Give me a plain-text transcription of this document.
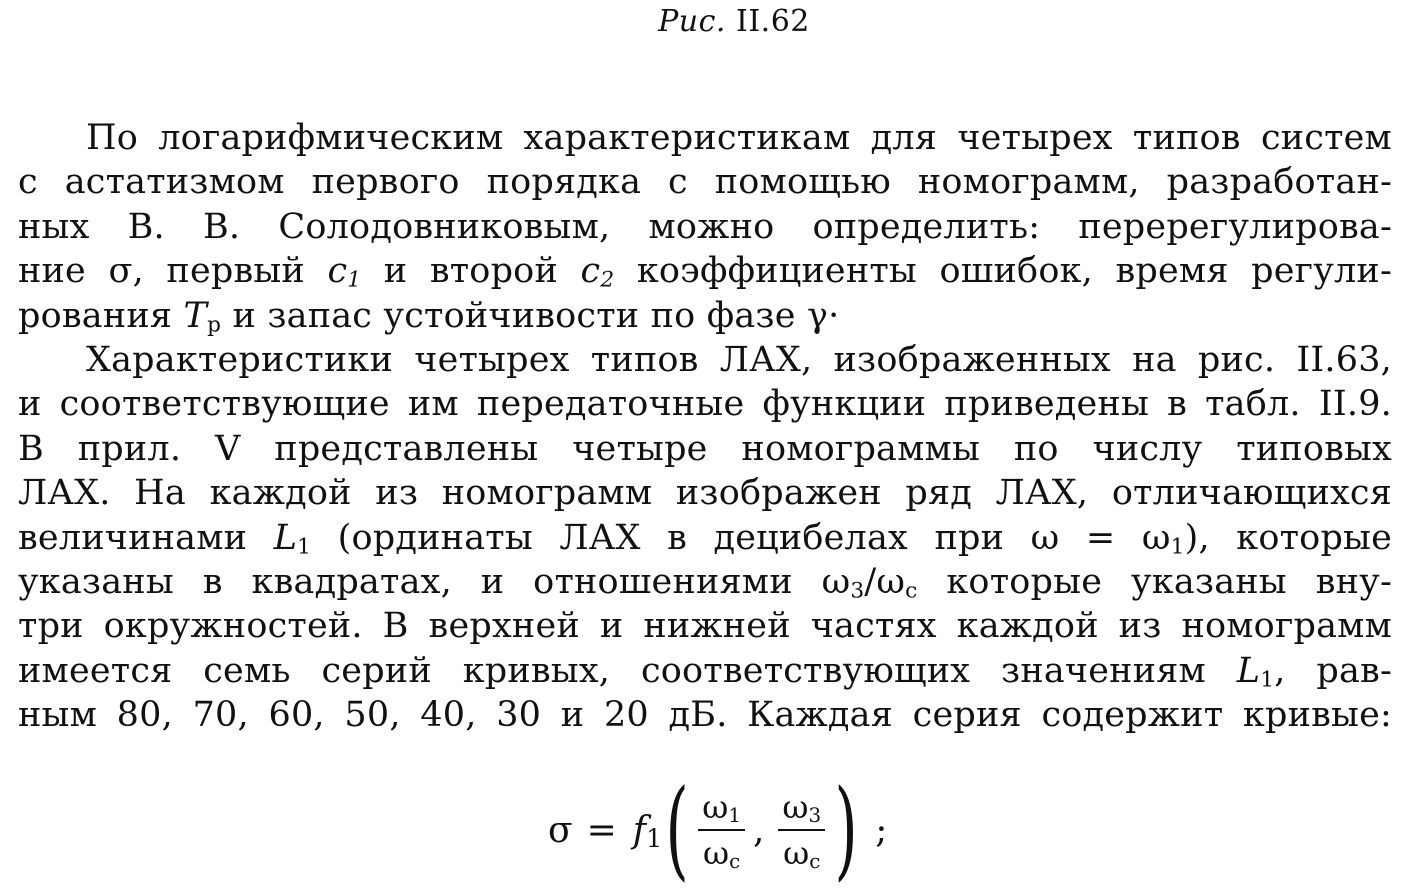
Рис. II.62
По логарифмическим характеристикам для четырех типов систем
с астатизмом первого порядка с помощью номограмм, разработан-
ных В. В. Солодовниковым, можно определить: перерегулирова-
ние σ, первый $c_1$ и второй $c_2$ коэффициенты ошибок, время регули-
рования $T_р$ и запас устойчивости по фазе γ·
Характеристики четырех типов ЛАХ, изображенных на рис. II.63,
и соответствующие им передаточные функции приведены в табл. II.9.
В прил. V представлены четыре номограммы по числу типовых
ЛАХ. На каждой из номограмм изображен ряд ЛАХ, отличающихся
величинами $L_1$ (ординаты ЛАХ в децибелах при $\omega = \omega_1$), которые
указаны в квадратах, и отношениями $\omega_3/\omega_с$ которые указаны вну-
три окружностей. В верхней и нижней частях каждой из номограмм
имеется семь серий кривых, соответствующих значениям $L_1$, рав-
ным 80, 70, 60, 50, 40, 30 и 20 дБ. Каждая серия содержит кривые:
$\sigma = f_1$ ( $\frac{\omega_1}{\omega_с}$ , $\frac{\omega_3}{\omega_с}$ ) ;
